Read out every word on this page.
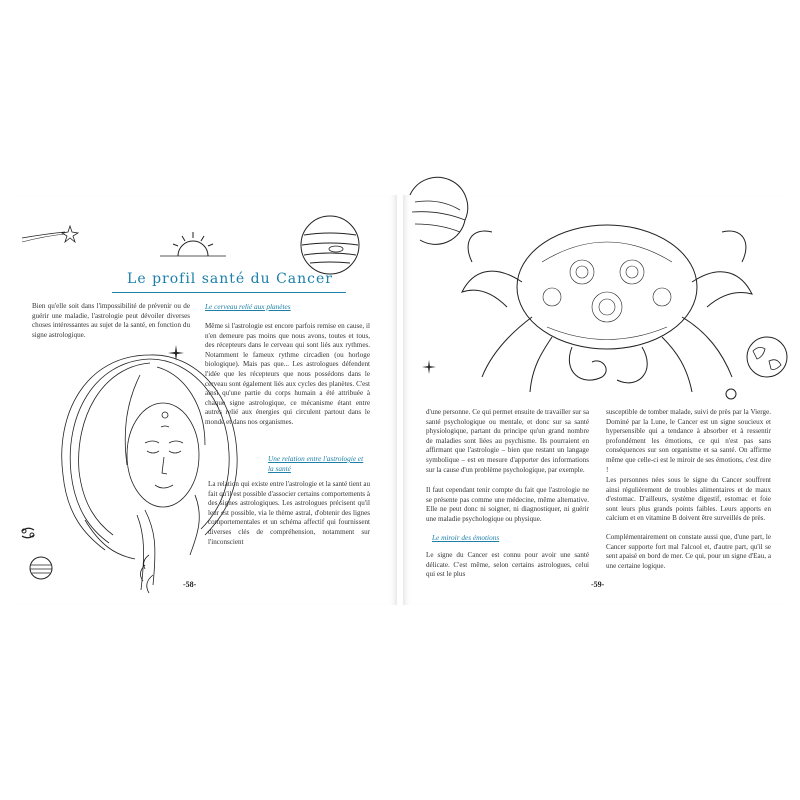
Le profil santé du Cancer
Bien qu'elle soit dans l'impossibilité de prévenir ou de guérir une maladie, l'astrologie peut dévoiler diverses choses intéressantes au sujet de la santé, en fonction du signe astrologique.
Le cerveau relié aux planètes
Même si l'astrologie est encore parfois remise en cause, il n'en demeure pas moins que nous avons, toutes et tous, des récepteurs dans le cerveau qui sont liés aux rythmes. Notamment le fameux rythme circadien (ou horloge biologique). Mais pas que... Les astrologues défendent l'idée que les récepteurs que nous possédons dans le cerveau sont également liés aux cycles des planètes. C'est ainsi qu'une partie du corps humain a été attribuée à chaque signe astrologique, ce mécanisme étant entre autres relié aux énergies qui circulent partout dans le monde et dans nos organismes.
Une relation entre l'astrologie et la santé
La relation qui existe entre l'astrologie et la santé tient au fait qu'il est possible d'associer certains comportements à des signes astrologiques. Les astrologues précisent qu'il leur est possible, via le thème astral, d'obtenir des lignes comportementales et un schéma affectif qui fournissent diverses clés de compréhension, notamment sur l'inconscient
-58-
d'une personne. Ce qui permet ensuite de travailler sur sa santé psychologique ou mentale, et donc sur sa santé physiologique, partant du principe qu'un grand nombre de maladies sont liées au psychisme. Ils pourraient en affirmant que l'astrologie – bien que restant un langage symbolique – est en mesure d'apporter des informations sur la cause d'un problème psychologique, par exemple.
Il faut cependant tenir compte du fait que l'astrologie ne se présente pas comme une médecine, même alternative. Elle ne peut donc ni soigner, ni diagnostiquer, ni guérir une maladie psychologique ou physique.
Le miroir des émotions
Le signe du Cancer est connu pour avoir une santé délicate. C'est même, selon certains astrologues, celui qui est le plus
susceptible de tomber malade, suivi de près par la Vierge. Dominé par la Lune, le Cancer est un signe soucieux et hypersensible qui a tendance à absorber et à ressentir profondément les émotions, ce qui n'est pas sans conséquences sur son organisme et sa santé. On affirme même que celle-ci est le miroir de ses émotions, c'est dire !
Les personnes nées sous le signe du Cancer souffrent ainsi régulièrement de troubles alimentaires et de maux d'estomac. D'ailleurs, système digestif, estomac et foie sont leurs plus grands points faibles. Leurs apports en calcium et en vitamine B doivent être surveillés de près.
Complémentairement on constate aussi que, d'une part, le Cancer supporte fort mal l'alcool et, d'autre part, qu'il se sent apaisé en bord de mer. Ce qui, pour un signe d'Eau, a une certaine logique.
-59-
